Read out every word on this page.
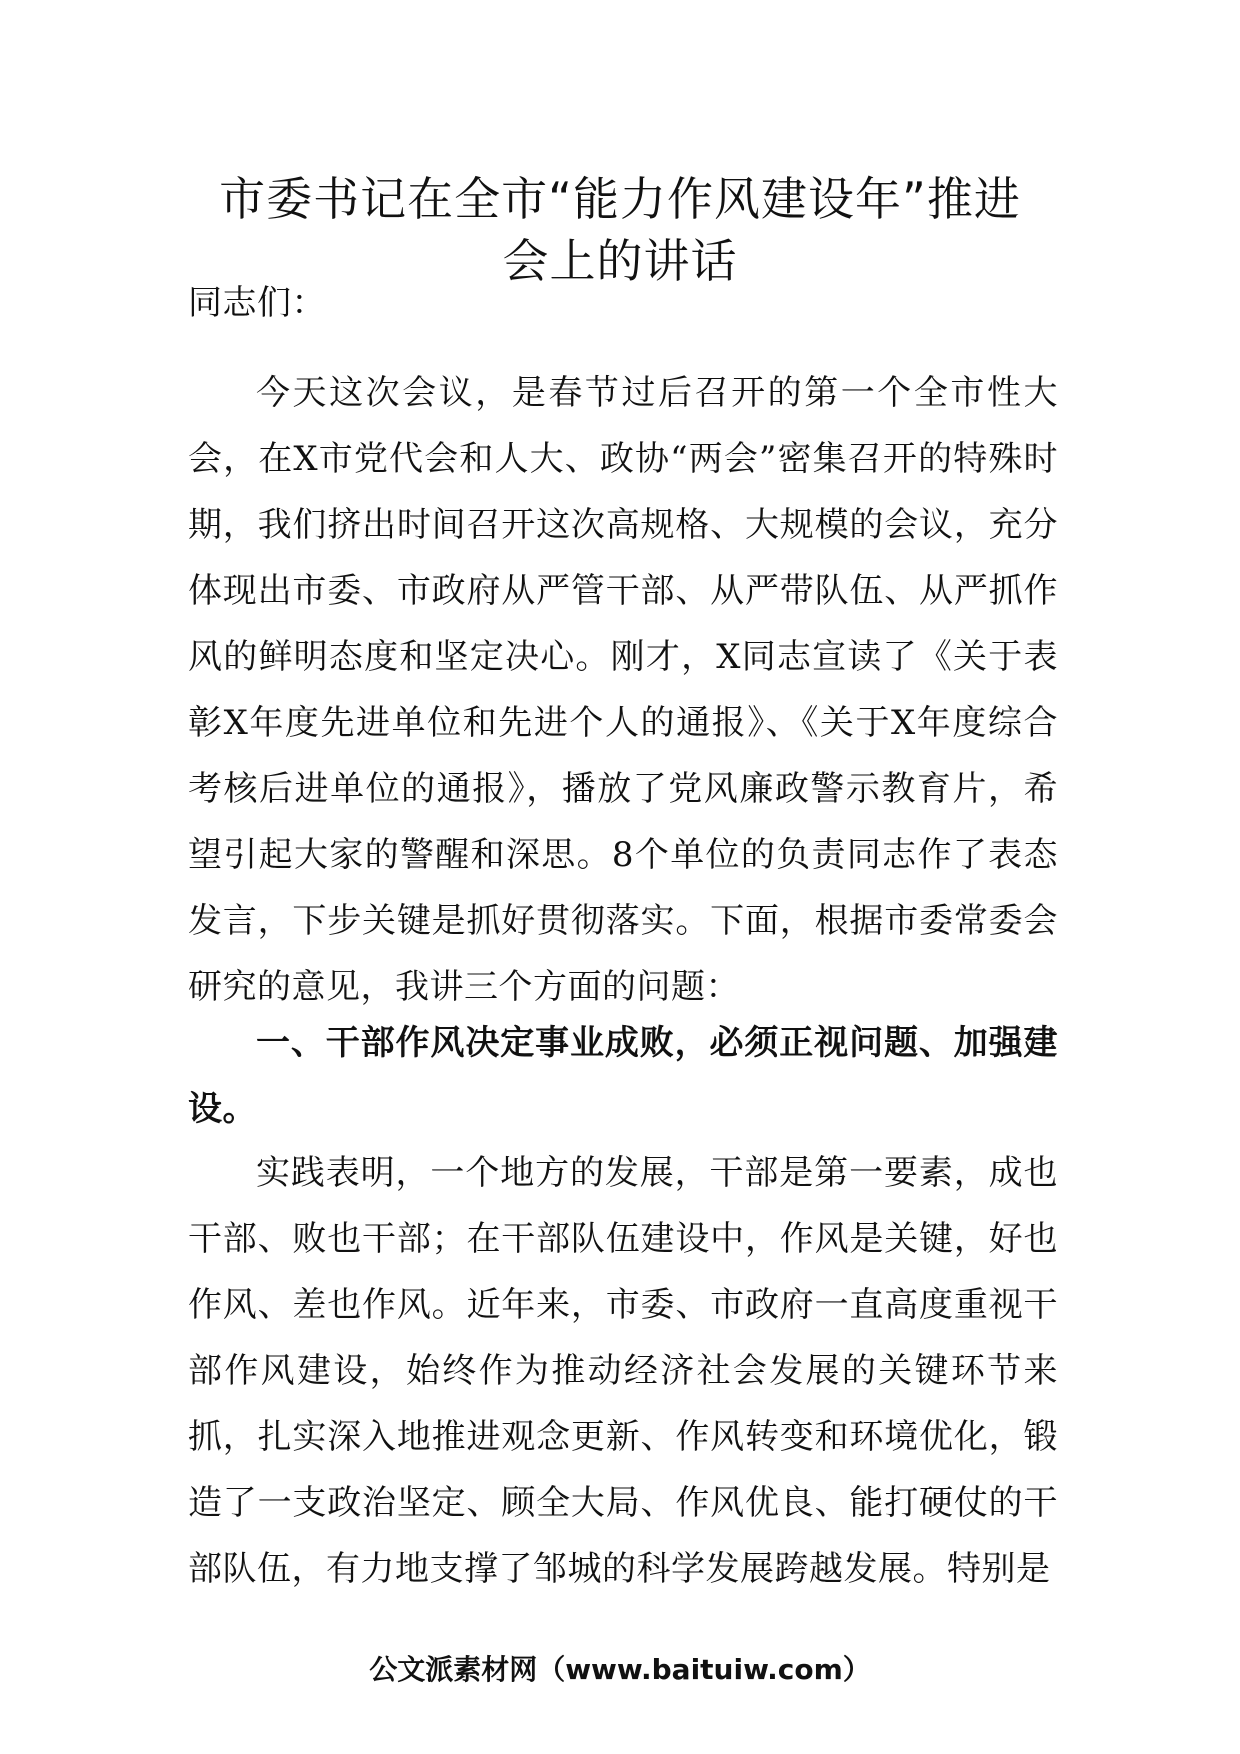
市委书记在全市“能力作风建设年”推进
会上的讲话
同志们：
今天这次会议，是春节过后召开的第一个全市性大会，在X市党代会和人大、政协“两会”密集召开的特殊时期，我们挤出时间召开这次高规格、大规模的会议，充分体现出市委、市政府从严管干部、从严带队伍、从严抓作风的鲜明态度和坚定决心。刚才，X同志宣读了《关于表彰X年度先进单位和先进个人的通报》、《关于X年度综合考核后进单位的通报》，播放了党风廉政警示教育片，希望引起大家的警醒和深思。8个单位的负责同志作了表态发言，下步关键是抓好贯彻落实。下面，根据市委常委会研究的意见，我讲三个方面的问题：
一、干部作风决定事业成败，必须正视问题、加强建设。
实践表明，一个地方的发展，干部是第一要素，成也干部、败也干部；在干部队伍建设中，作风是关键，好也作风、差也作风。近年来，市委、市政府一直高度重视干部作风建设，始终作为推动经济社会发展的关键环节来抓，扎实深入地推进观念更新、作风转变和环境优化，锻造了一支政治坚定、顾全大局、作风优良、能打硬仗的干部队伍，有力地支撑了邹城的科学发展跨越发展。特别是
公文派素材网（www.baituiw.com）
